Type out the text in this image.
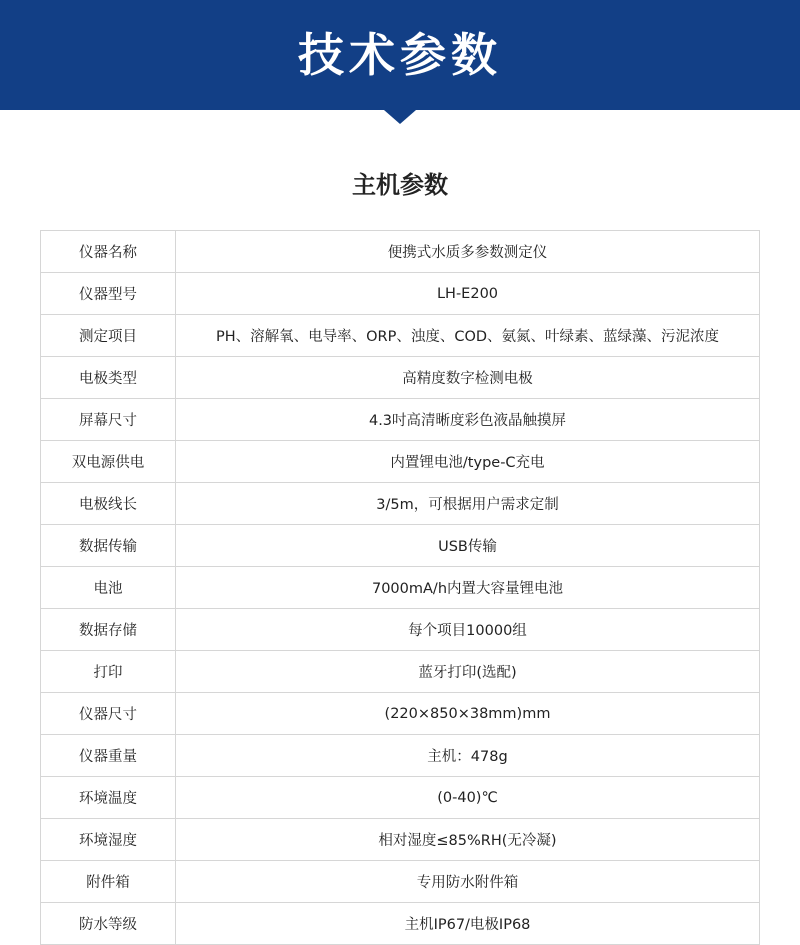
技术参数
主机参数
仪器名称	便携式水质多参数测定仪
仪器型号	LH-E200
测定项目	PH、溶解氧、电导率、ORP、浊度、COD、氨氮、叶绿素、蓝绿藻、污泥浓度
电极类型	高精度数字检测电极
屏幕尺寸	4.3吋高清晰度彩色液晶触摸屏
双电源供电	内置锂电池/type-C充电
电极线长	3/5m，可根据用户需求定制
数据传输	USB传输
电池	7000mA/h内置大容量锂电池
数据存储	每个项目10000组
打印	蓝牙打印(选配)
仪器尺寸	(220×850×38mm)mm
仪器重量	主机：478g
环境温度	(0-40)℃
环境湿度	相对湿度≤85%RH(无冷凝)
附件箱	专用防水附件箱
防水等级	主机IP67/电极IP68
